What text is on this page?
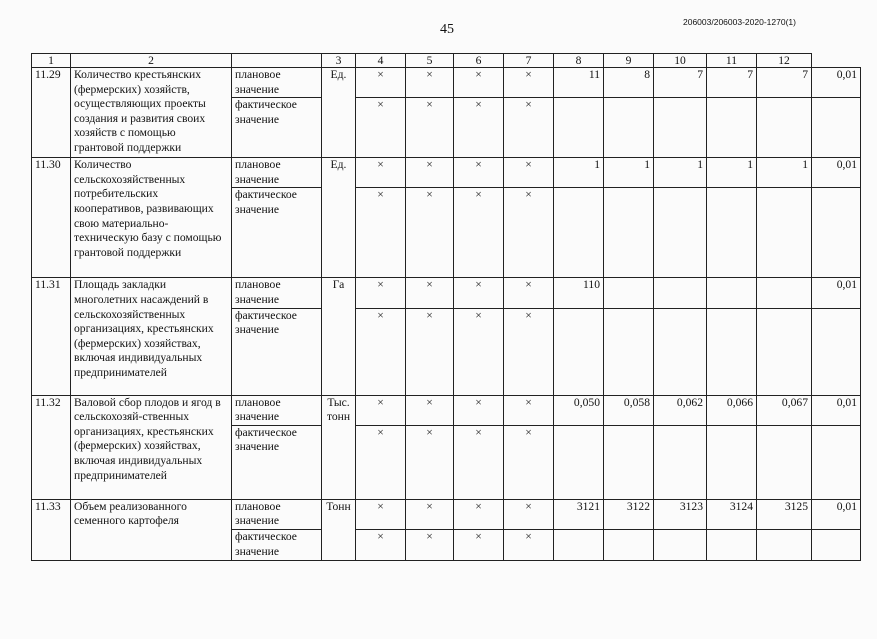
45	206003/206003-2020-1270(1)
1	2		3	4	5	6	7	8	9	10	11	12	
11.29	Количество крестьянских (фермерских) хозяйств, осуществляющих проекты создания и развития своих хозяйств с помощью грантовой поддержки	плановое значение	Ед.	×	×	×	×	11	8	7	7	7	0,01
		фактическое значение		×	×	×	×						
11.30	Количество сельскохозяйственных потребительских кооперативов, развивающих свою материально-техническую базу с помощью грантовой поддержки	плановое значение	Ед.	×	×	×	×	1	1	1	1	1	0,01
		фактическое значение		×	×	×	×						
11.31	Площадь закладки многолетних насаждений в сельскохозяйственных организациях, крестьянских (фермерских) хозяйствах, включая индивидуальных предпринимателей	плановое значение	Га	×	×	×	×	110					0,01
		фактическое значение		×	×	×	×						
11.32	Валовой сбор плодов и ягод в сельскохозяй-ственных организациях, крестьянских (фермерских) хозяйствах, включая индивидуальных предпринимателей	плановое значение	Тыс. тонн	×	×	×	×	0,050	0,058	0,062	0,066	0,067	0,01
		фактическое значение		×	×	×	×						
11.33	Объем реализованного семенного картофеля	плановое значение	Тонн	×	×	×	×	3121	3122	3123	3124	3125	0,01
		фактическое значение		×	×	×	×						
